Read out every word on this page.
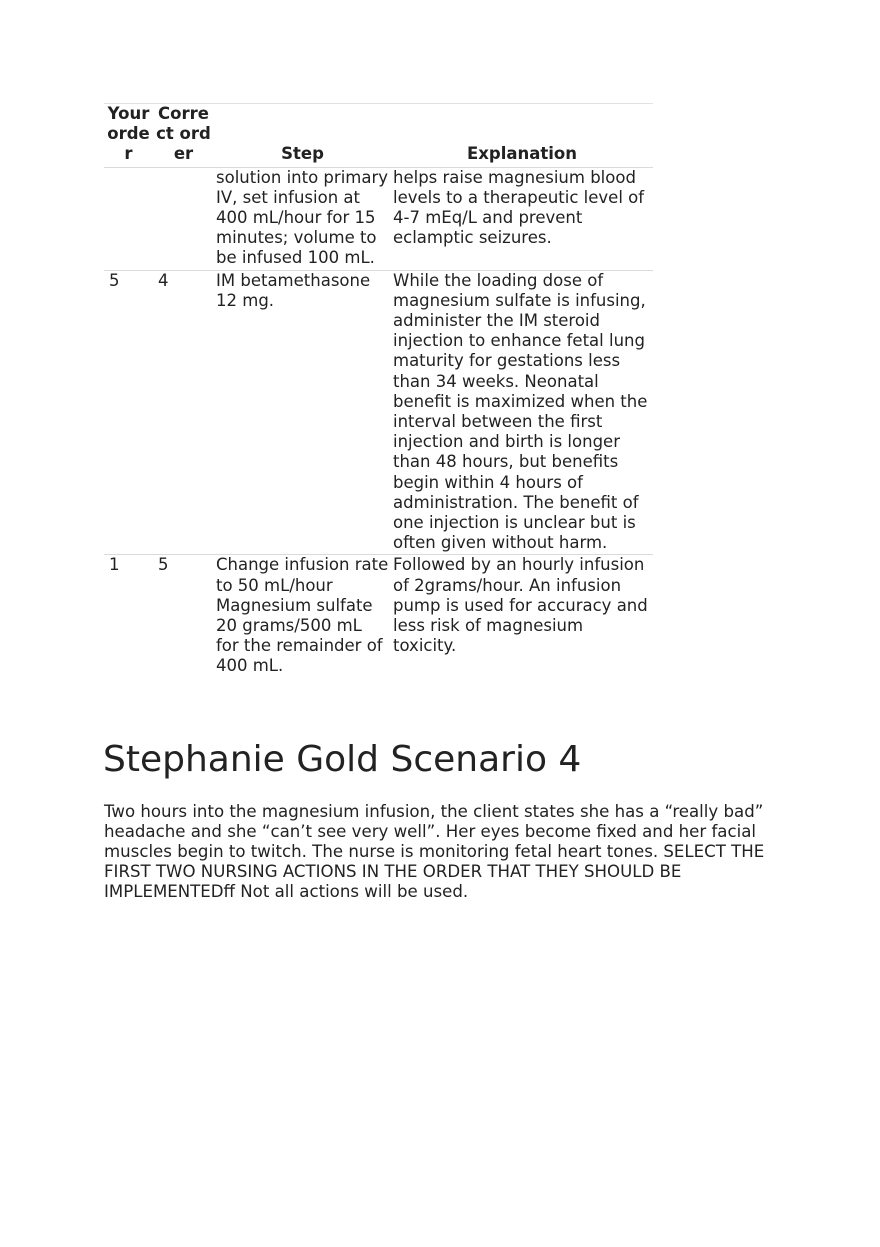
Your order	Correct order	Step	Explanation
		solution into primary IV, set infusion at 400 mL/hour for 15 minutes; volume to be infused 100 mL.	helps raise magnesium blood levels to a therapeutic level of 4-7 mEq/L and prevent eclamptic seizures.
5	4	IM betamethasone 12 mg.	While the loading dose of magnesium sulfate is infusing, administer the IM steroid injection to enhance fetal lung maturity for gestations less than 34 weeks. Neonatal benefit is maximized when the interval between the first injection and birth is longer than 48 hours, but benefits begin within 4 hours of administration. The benefit of one injection is unclear but is often given without harm.
1	5	Change infusion rate to 50 mL/hour Magnesium sulfate 20 grams/500 mL for the remainder of 400 mL.	Followed by an hourly infusion of 2grams/hour. An infusion pump is used for accuracy and less risk of magnesium toxicity.
Stephanie Gold Scenario 4

Two hours into the magnesium infusion, the client states she has a “really bad” headache and she “can’t see very well”. Her eyes become fixed and her facial muscles begin to twitch. The nurse is monitoring fetal heart tones. SELECT THE FIRST TWO NURSING ACTIONS IN THE ORDER THAT THEY SHOULD BE IMPLEMENTEDff Not all actions will be used.
